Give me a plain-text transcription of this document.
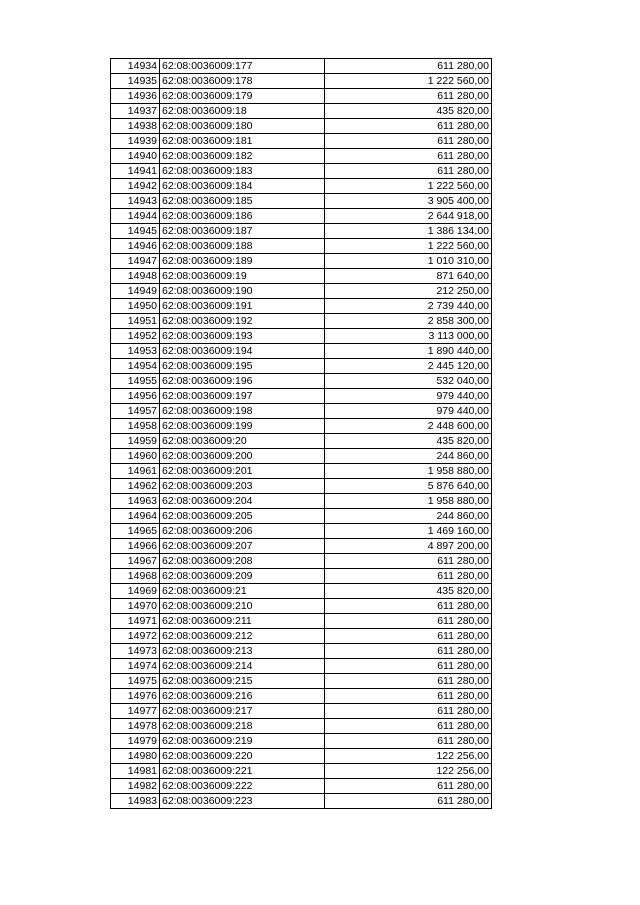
14934	62:08:0036009:177	611 280,00
14935	62:08:0036009:178	1 222 560,00
14936	62:08:0036009:179	611 280,00
14937	62:08:0036009:18	435 820,00
14938	62:08:0036009:180	611 280,00
14939	62:08:0036009:181	611 280,00
14940	62:08:0036009:182	611 280,00
14941	62:08:0036009:183	611 280,00
14942	62:08:0036009:184	1 222 560,00
14943	62:08:0036009:185	3 905 400,00
14944	62:08:0036009:186	2 644 918,00
14945	62:08:0036009:187	1 386 134,00
14946	62:08:0036009:188	1 222 560,00
14947	62:08:0036009:189	1 010 310,00
14948	62:08:0036009:19	871 640,00
14949	62:08:0036009:190	212 250,00
14950	62:08:0036009:191	2 739 440,00
14951	62:08:0036009:192	2 858 300,00
14952	62:08:0036009:193	3 113 000,00
14953	62:08:0036009:194	1 890 440,00
14954	62:08:0036009:195	2 445 120,00
14955	62:08:0036009:196	532 040,00
14956	62:08:0036009:197	979 440,00
14957	62:08:0036009:198	979 440,00
14958	62:08:0036009:199	2 448 600,00
14959	62:08:0036009:20	435 820,00
14960	62:08:0036009:200	244 860,00
14961	62:08:0036009:201	1 958 880,00
14962	62:08:0036009:203	5 876 640,00
14963	62:08:0036009:204	1 958 880,00
14964	62:08:0036009:205	244 860,00
14965	62:08:0036009:206	1 469 160,00
14966	62:08:0036009:207	4 897 200,00
14967	62:08:0036009:208	611 280,00
14968	62:08:0036009:209	611 280,00
14969	62:08:0036009:21	435 820,00
14970	62:08:0036009:210	611 280,00
14971	62:08:0036009:211	611 280,00
14972	62:08:0036009:212	611 280,00
14973	62:08:0036009:213	611 280,00
14974	62:08:0036009:214	611 280,00
14975	62:08:0036009:215	611 280,00
14976	62:08:0036009:216	611 280,00
14977	62:08:0036009:217	611 280,00
14978	62:08:0036009:218	611 280,00
14979	62:08:0036009:219	611 280,00
14980	62:08:0036009:220	122 256,00
14981	62:08:0036009:221	122 256,00
14982	62:08:0036009:222	611 280,00
14983	62:08:0036009:223	611 280,00
